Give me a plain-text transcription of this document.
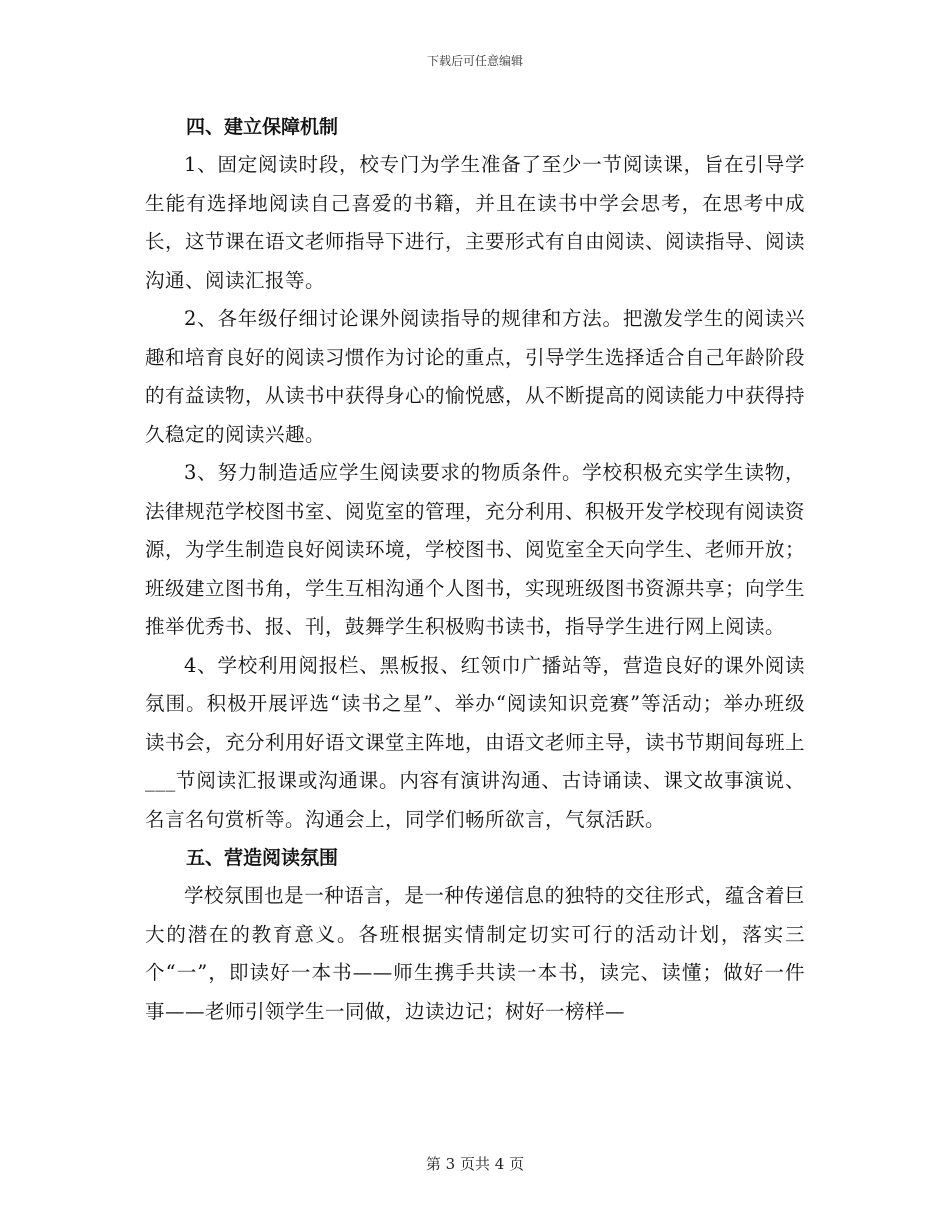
下载后可任意编辑
四、建立保障机制

1、固定阅读时段，校专门为学生准备了至少一节阅读课，旨在引导学生能有选择地阅读自己喜爱的书籍，并且在读书中学会思考，在思考中成长，这节课在语文老师指导下进行，主要形式有自由阅读、阅读指导、阅读沟通、阅读汇报等。

2、各年级仔细讨论课外阅读指导的规律和方法。把激发学生的阅读兴趣和培育良好的阅读习惯作为讨论的重点，引导学生选择适合自己年龄阶段的有益读物，从读书中获得身心的愉悦感，从不断提高的阅读能力中获得持久稳定的阅读兴趣。

3、努力制造适应学生阅读要求的物质条件。学校积极充实学生读物，法律规范学校图书室、阅览室的管理，充分利用、积极开发学校现有阅读资源，为学生制造良好阅读环境，学校图书、阅览室全天向学生、老师开放；班级建立图书角，学生互相沟通个人图书，实现班级图书资源共享；向学生推举优秀书、报、刊，鼓舞学生积极购书读书，指导学生进行网上阅读。

4、学校利用阅报栏、黑板报、红领巾广播站等，营造良好的课外阅读氛围。积极开展评选“读书之星”、举办“阅读知识竞赛”等活动；举办班级读书会，充分利用好语文课堂主阵地，由语文老师主导，读书节期间每班上___节阅读汇报课或沟通课。内容有演讲沟通、古诗诵读、课文故事演说、名言名句赏析等。沟通会上，同学们畅所欲言，气氛活跃。

五、营造阅读氛围

学校氛围也是一种语言，是一种传递信息的独特的交往形式，蕴含着巨大的潜在的教育意义。各班根据实情制定切实可行的活动计划，落实三个“一”，即读好一本书——师生携手共读一本书，读完、读懂；做好一件事——老师引领学生一同做，边读边记；树好一榜样—

第 3 页共 4 页
